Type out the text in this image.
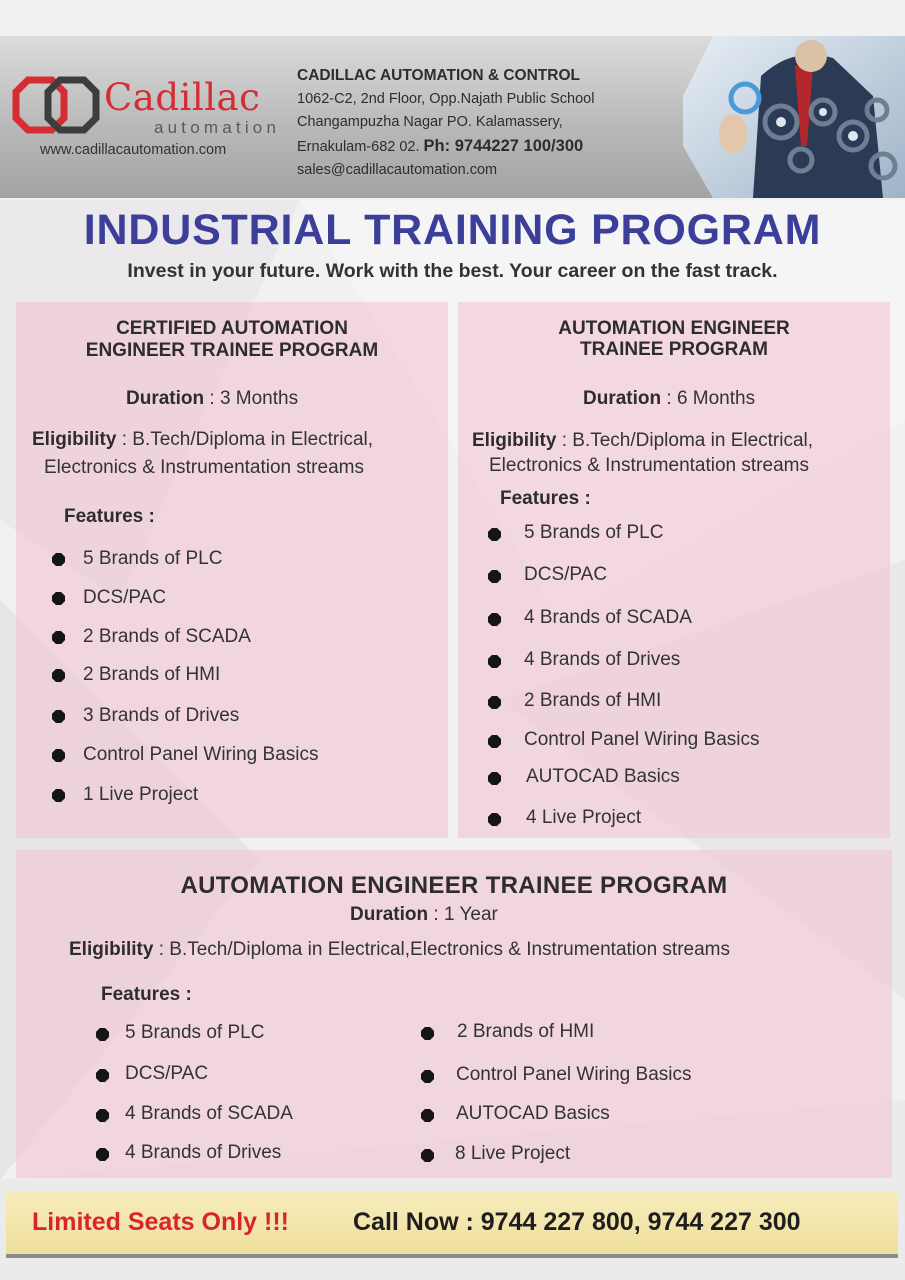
Cadillac
automation
www.cadillacautomation.com
CADILLAC AUTOMATION & CONTROL
1062-C2, 2nd Floor, Opp.Najath Public School
Changampuzha Nagar PO. Kalamassery,
Ernakulam-682 02. Ph: 9744227 100/300
sales@cadillacautomation.com
INDUSTRIAL TRAINING PROGRAM
Invest in your future. Work with the best. Your career on the fast track.
CERTIFIED AUTOMATION
ENGINEER TRAINEE PROGRAM
Duration : 3 Months
Eligibility : B.Tech/Diploma in Electrical,
Electronics & Instrumentation streams
Features :
5 Brands of PLC
DCS/PAC
2 Brands of SCADA
2 Brands of HMI
3 Brands of Drives
Control Panel Wiring Basics
1 Live Project
AUTOMATION ENGINEER
TRAINEE PROGRAM
Duration : 6 Months
Eligibility : B.Tech/Diploma in Electrical,
Electronics & Instrumentation streams
Features :
5 Brands of PLC
DCS/PAC
4 Brands of SCADA
4 Brands of Drives
2 Brands of HMI
Control Panel Wiring Basics
AUTOCAD Basics
4 Live Project
AUTOMATION ENGINEER TRAINEE PROGRAM
Duration : 1 Year
Eligibility : B.Tech/Diploma in Electrical,Electronics & Instrumentation streams
Features :
5 Brands of PLC
DCS/PAC
4 Brands of SCADA
4 Brands of Drives
2 Brands of HMI
Control Panel Wiring Basics
AUTOCAD Basics
8 Live Project
Limited Seats Only !!!	Call Now : 9744 227 800, 9744 227 300
